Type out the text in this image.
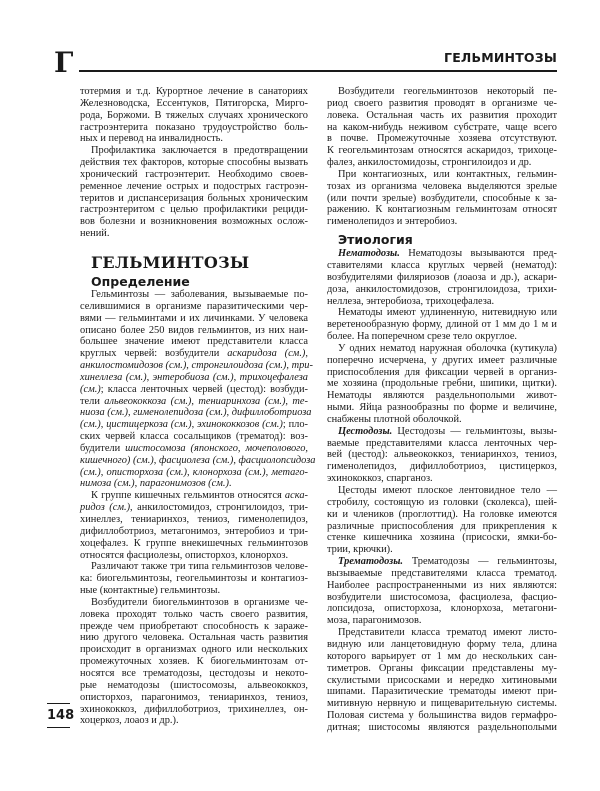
Г	ГЕЛЬМИНТОЗЫ
148
тотермия и т.д. Курортное лечение в санаториях
Железноводска, Ессентуков, Пятигорска, Мирго-
рода, Боржоми. В тяжелых случаях хронического
гастроэнтерита показано трудоустройство боль-
ных и перевод на инвалидность.
Профилактика заключается в предотвращении
действия тех факторов, которые способны вызвать
хронический гастроэнтерит. Необходимо своев-
ременное лечение острых и подострых гастроэн-
теритов и диспансеризация больных хроническим
гастроэнтеритом с целью профилактики рециди-
вов болезни и возникновения возможных ослож-
нений.
ГЕЛЬМИНТОЗЫ
Определение
Гельминтозы — заболевания, вызываемые по-
селившимися в организме паразитическими чер-
вями — гельминтами и их личинками. У человека
описано более 250 видов гельминтов, из них наи-
большее значение имеют представители класса
круглых червей: возбудители аскаридоза (см.),
анкилостомидозов (см.), стронгилоидоза (см.), три-
хинеллеза (см.), энтеробиоза (см.), трихоцефалеза
(см.); класса ленточных червей (цестод): возбуди-
тели альвеококкоза (см.), тениаринхоза (см.), те-
ниоза (см.), гименолепидоза (см.), дифиллоботриоза
(см.), цистицеркоза (см.), эхинококкозов (см.); пло-
ских червей класса сосальщиков (трематод): воз-
будители шистосомоза (японского, мочеполового,
кишечного) (см.), фасциолеза (см.), фасциолопсидоза
(см.), описторхоза (см.), клонорхоза (см.), метаго-
нимоза (см.), парагонимозов (см.).
К группе кишечных гельминтов относятся аска-
ридоз (см.), анкилостомидоз, стронгилоидоз, три-
хинеллез, тениаринхоз, тениоз, гименолепидоз,
дифиллоботриоз, метагонимоз, энтеробиоз и три-
хоцефалез. К группе внекишечных гельминтозов
относятся фасциолезы, описторхоз, клонорхоз.
Различают также три типа гельминтозов челове-
ка: биогельминтозы, геогельминтозы и контагиоз-
ные (контактные) гельминтозы.
Возбудители биогельминтозов в организме че-
ловека проходят только часть своего развития,
прежде чем приобретают способность к зараже-
нию другого человека. Остальная часть развития
происходит в организмах одного или нескольких
промежуточных хозяев. К биогельминтозам от-
носятся все трематодозы, цестодозы и некото-
рые нематодозы (шистосомозы, альвеококкоз,
описторхоз, парагонимоз, тениаринхоз, тениоз,
эхинококкоз, дифиллоботриоз, трихинеллез, он-
хоцеркоз, лоаоз и др.).
Возбудители геогельминтозов некоторый пе-
риод своего развития проводят в организме че-
ловека. Остальная часть их развития проходит
на каком-нибудь неживом субстрате, чаще всего
в почве. Промежуточные хозяева отсутствуют.
К геогельминтозам относятся аскаридоз, трихоце-
фалез, анкилостомидозы, стронгилоидоз и др.
При контагиозных, или контактных, гельмин-
тозах из организма человека выделяются зрелые
(или почти зрелые) возбудители, способные к за-
ражению. К контагиозным гельминтозам относят
гименолепидоз и энтеробиоз.
Этиология
Нематодозы. Нематодозы вызываются пред-
ставителями класса круглых червей (нематод):
возбудителями филяриозов (лоаоза и др.), аскари-
доза, анкилостомидозов, стронгилоидоза, трихи-
неллеза, энтеробиоза, трихоцефалеза.
Нематоды имеют удлиненную, нитевидную или
веретенообразную форму, длиной от 1 мм до 1 м и
более. На поперечном срезе тело округлое.
У одних нематод наружная оболочка (кутикула)
поперечно исчерчена, у других имеет различные
приспособления для фиксации червей в организ-
ме хозяина (продольные гребни, шипики, щитки).
Нематоды являются раздельнополыми живот-
ными. Яйца разнообразны по форме и величине,
снабжены плотной оболочкой.
Цестодозы. Цестодозы — гельминтозы, вызы-
ваемые представителями класса ленточных чер-
вей (цестод): альвеококкоз, тениаринхоз, тениоз,
гименолепидоз, дифиллоботриоз, цистицеркоз,
эхинококкоз, спарганоз.
Цестоды имеют плоское лентовидное тело —
стробилу, состоящую из головки (сколекса), шей-
ки и члеников (проглоттид). На головке имеются
различные приспособления для прикрепления к
стенке кишечника хозяина (присоски, ямки-бо-
трии, крючки).
Трематодозы. Трематодозы — гельминтозы,
вызываемые представителями класса трематод.
Наиболее распространенными из них являются:
возбудители шистосомоза, фасциолеза, фасцио-
лопсидоза, описторхоза, клонорхоза, метагони-
моза, парагонимозов.
Представители класса трематод имеют листо-
видную или ланцетовидную форму тела, длина
которого варьирует от 1 мм до нескольких сан-
тиметров. Органы фиксации представлены му-
скулистыми присосками и нередко хитиновыми
шипами. Паразитические трематоды имеют при-
митивную нервную и пищеварительную системы.
Половая система у большинства видов гермафро-
дитная; шистосомы являются раздельнополыми
